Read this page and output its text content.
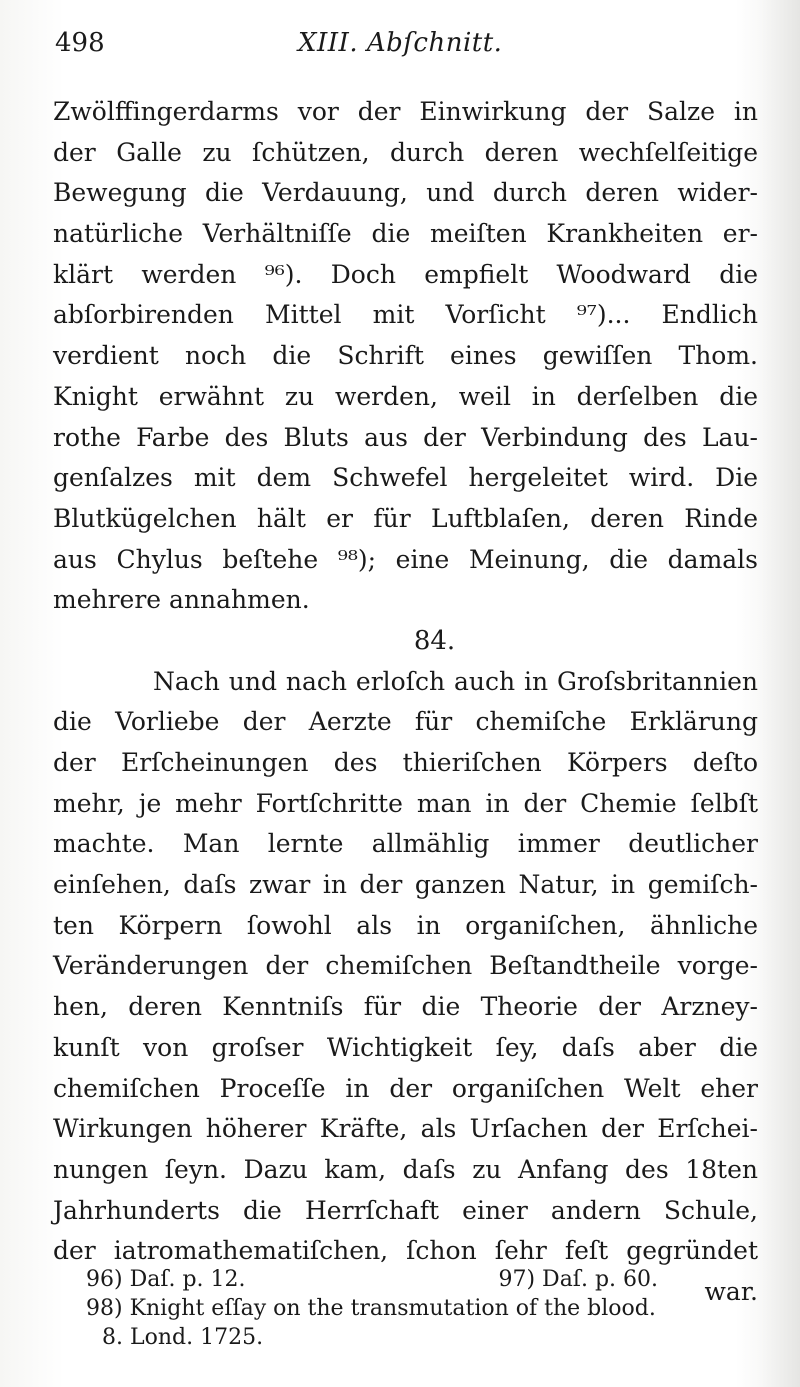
498	XIII. Abſchnitt.
Zwölffingerdarms vor der Einwirkung der Salze in
der Galle zu ſchützen, durch deren wechſelſeitige
Bewegung die Verdauung, und durch deren wider-
natürliche Verhältniſſe die meiſten Krankheiten er-
klärt werden ⁹⁶). Doch empfielt Woodward die
abſorbirenden Mittel mit Vorſicht ⁹⁷)... Endlich
verdient noch die Schrift eines gewiſſen Thom.
Knight erwähnt zu werden, weil in derſelben die
rothe Farbe des Bluts aus der Verbindung des Lau-
genſalzes mit dem Schwefel hergeleitet wird. Die
Blutkügelchen hält er für Luftblaſen, deren Rinde
aus Chylus beſtehe ⁹⁸); eine Meinung, die damals
mehrere annahmen.
84.
Nach und nach erloſch auch in Groſsbritannien
die Vorliebe der Aerzte für chemiſche Erklärung
der Erſcheinungen des thieriſchen Körpers deſto
mehr, je mehr Fortſchritte man in der Chemie ſelbſt
machte. Man lernte allmählig immer deutlicher
einſehen, daſs zwar in der ganzen Natur, in gemiſch-
ten Körpern ſowohl als in organiſchen, ähnliche
Veränderungen der chemiſchen Beſtandtheile vorge-
hen, deren Kenntniſs für die Theorie der Arzney-
kunſt von groſser Wichtigkeit ſey, daſs aber die
chemiſchen Proceſſe in der organiſchen Welt eher
Wirkungen höherer Kräfte, als Urſachen der Erſchei-
nungen ſeyn. Dazu kam, daſs zu Anfang des 18ten
Jahrhunderts die Herrſchaft einer andern Schule,
der iatromathematiſchen, ſchon ſehr feſt gegründet
war.
96) Daſ. p. 12.	97) Daſ. p. 60.
98) Knight eſſay on the transmutation of the blood.
8. Lond. 1725.
